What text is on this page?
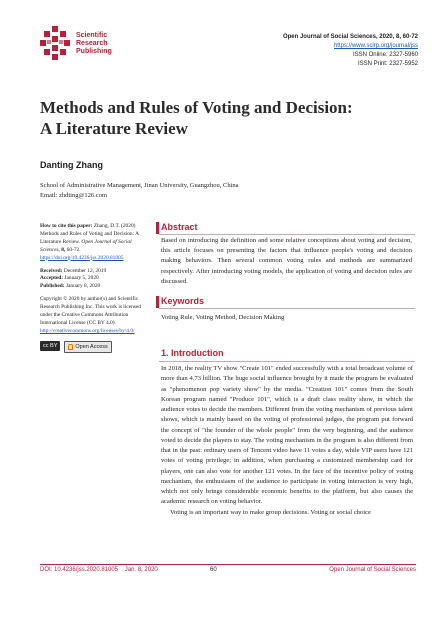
Scientific
Research
Publishing
Open Journal of Social Sciences, 2020, 8, 60-72
https://www.scirp.org/journal/jss
ISSN Online: 2327-5960
ISSN Print: 2327-5952
Methods and Rules of Voting and Decision:
A Literature Review
Danting Zhang
School of Administrative Management, Jinan University, Guangzhou, China
Email: zhdting@126.com

How to cite this paper: Zhang, D.T. (2020) Methods and Rules of Voting and Decision: A Literature Review. Open Journal of Social Sciences, 8, 60-72. https://doi.org/10.4236/jss.2020.81005

Received: December 12, 2019
Accepted: January 5, 2020
Published: January 8, 2020

Copyright © 2020 by author(s) and Scientific Research Publishing Inc. This work is licensed under the Creative Commons Attribution International License (CC BY 4.0).
http://creativecommons.org/licenses/by/4.0/

cc BY	Open Access
Abstract
Based on introducing the definition and some relative conceptions about voting and decision, this article focuses on presenting the factors that influence people's voting and decision making behaviors. Then several common voting rules and methods are summarized respectively. After introducing voting models, the application of voting and decision rules are discussed.
Keywords
Voting Rule, Voting Method, Decision Making
1. Introduction

In 2018, the reality TV show "Create 101" ended successfully with a total broadcast volume of more than 4.73 billion. The huge social influence brought by it made the program be evaluated as "phenomenon pop variety show" by the media. "Creation 101" comes from the South Korean program named "Produce 101", which is a draft class reality show, in which the audience votes to decide the members. Different from the voting mechanism of previous talent shows, which is mainly based on the voting of professional judges, the program put forward the concept of "the founder of the whole people" from the very beginning, and the audience voted to decide the players to stay. The voting mechanism in the program is also different from that in the past: ordinary users of Tencent video have 11 votes a day, while VIP users have 121 votes of voting privilege; in addition, when purchasing a customized membership card for players, one can also vote for another 121 votes. In the face of the incentive policy of voting mechanism, the enthusiasm of the audience to participate in voting interaction is very high, which not only brings considerable economic benefits to the platform, but also causes the academic research on voting behavior.

Voting is an important way to make group decisions. Voting or social choice

DOI: 10.4236/jss.2020.81005 Jan. 8, 2020	60	Open Journal of Social Sciences
